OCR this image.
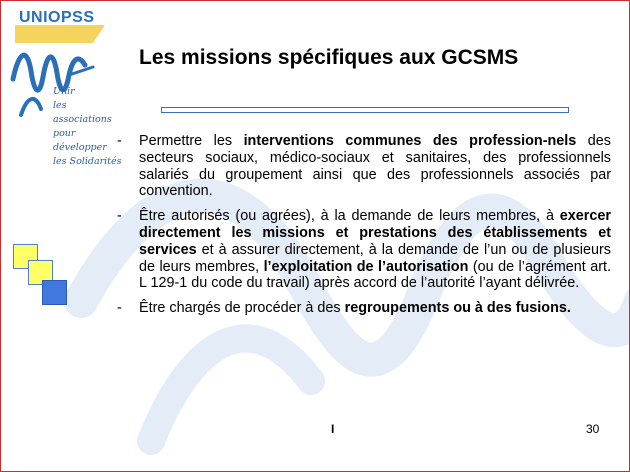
UNIOPSS

Unir
les associations
pour développer
les Solidarités
Les missions spécifiques aux GCSMS
- Permettre les interventions communes des profession-nels des secteurs sociaux, médico-sociaux et sanitaires, des professionnels salariés du groupement ainsi que des professionnels associés par convention.
- Être autorisés (ou agrées), à la demande de leurs membres, à exercer directement les missions et prestations des établissements et services et à assurer directement, à la demande de l’un ou de plusieurs de leurs membres, l’exploitation de l’autorisation (ou de l’agrément art. L 129-1 du code du travail) après accord de l’autorité l’ayant délivrée.
- Être chargés de procéder à des regroupements ou à des fusions.
I	30
